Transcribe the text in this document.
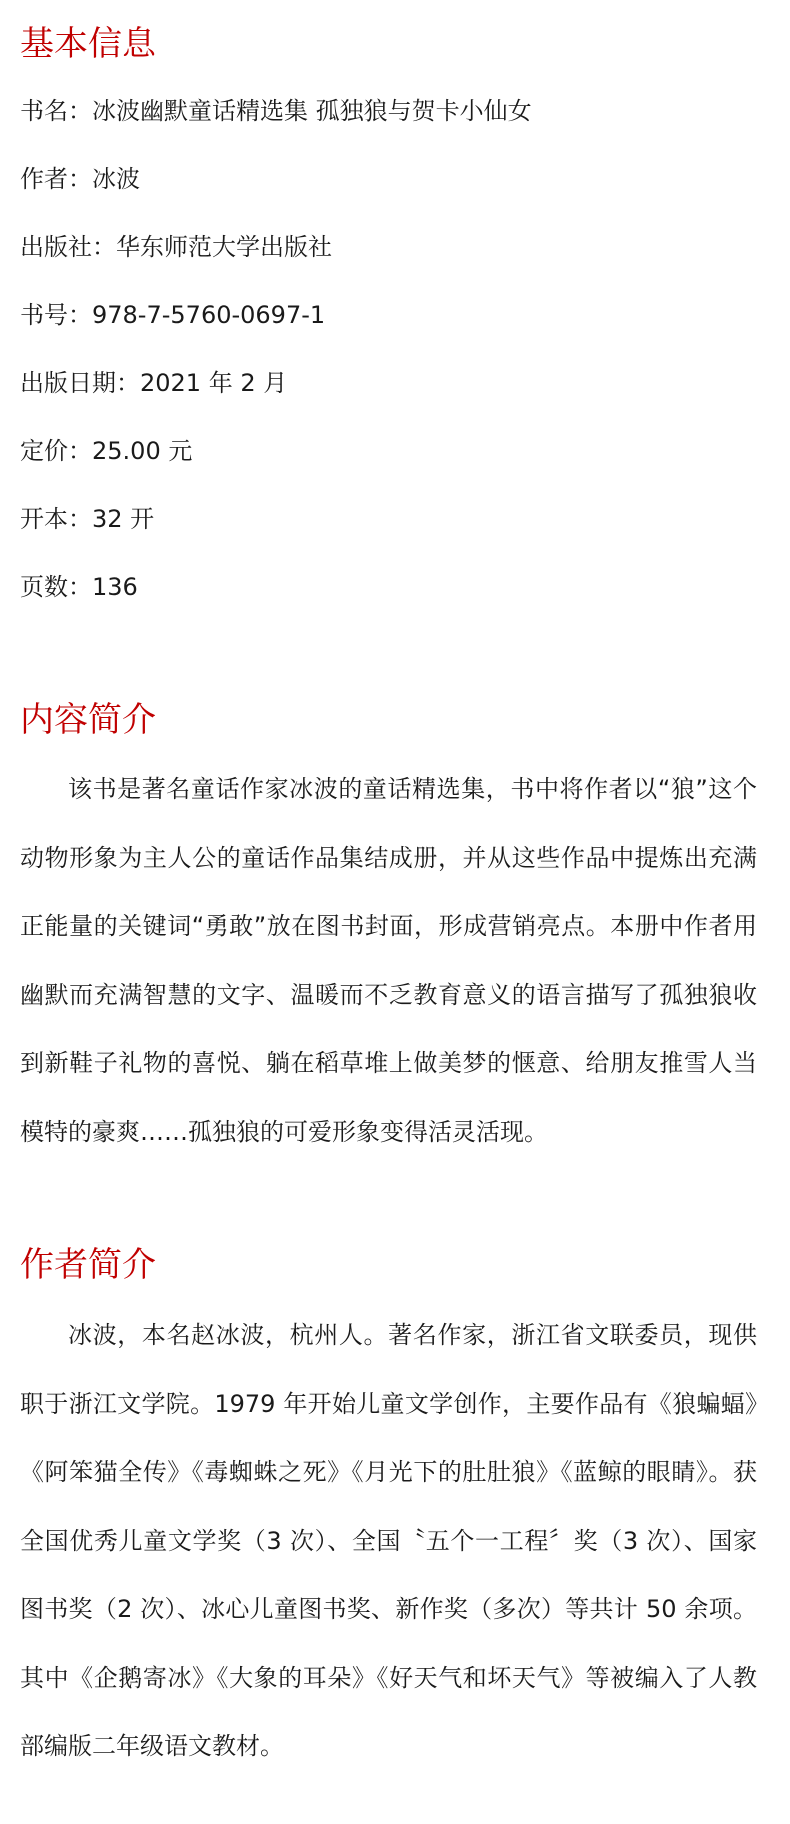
基本信息
书名：冰波幽默童话精选集 孤独狼与贺卡小仙女
作者：冰波
出版社：华东师范大学出版社
书号：978-7-5760-0697-1
出版日期：2021 年 2 月
定价：25.00 元
开本：32 开
页数：136
内容简介

该书是著名童话作家冰波的童话精选集，书中将作者以“狼”这个动物形象为主人公的童话作品集结成册，并从这些作品中提炼出充满正能量的关键词“勇敢”放在图书封面，形成营销亮点。本册中作者用幽默而充满智慧的文字、温暖而不乏教育意义的语言描写了孤独狼收到新鞋子礼物的喜悦、躺在稻草堆上做美梦的惬意、给朋友推雪人当模特的豪爽……孤独狼的可爱形象变得活灵活现。

作者简介

冰波，本名赵冰波，杭州人。著名作家，浙江省文联委员，现供职于浙江文学院。1979 年开始儿童文学创作，主要作品有《狼蝙蝠》《阿笨猫全传》《毒蜘蛛之死》《月光下的肚肚狼》《蓝鲸的眼睛》。获全国优秀儿童文学奖（3 次）、全国〝五个一工程〞奖（3 次）、国家图书奖（2 次）、冰心儿童图书奖、新作奖（多次）等共计 50 余项。其中《企鹅寄冰》《大象的耳朵》《好天气和坏天气》等被编入了人教部编版二年级语文教材。
